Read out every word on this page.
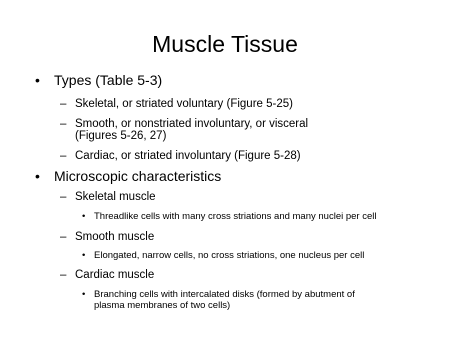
Muscle Tissue
• Types (Table 5-3)
– Skeletal, or striated voluntary (Figure 5-25)
– Smooth, or nonstriated involuntary, or visceral
(Figures 5-26, 27)
– Cardiac, or striated involuntary (Figure 5-28)
• Microscopic characteristics
– Skeletal muscle
• Threadlike cells with many cross striations and many nuclei per cell
– Smooth muscle
• Elongated, narrow cells, no cross striations, one nucleus per cell
– Cardiac muscle
• Branching cells with intercalated disks (formed by abutment of
plasma membranes of two cells)
